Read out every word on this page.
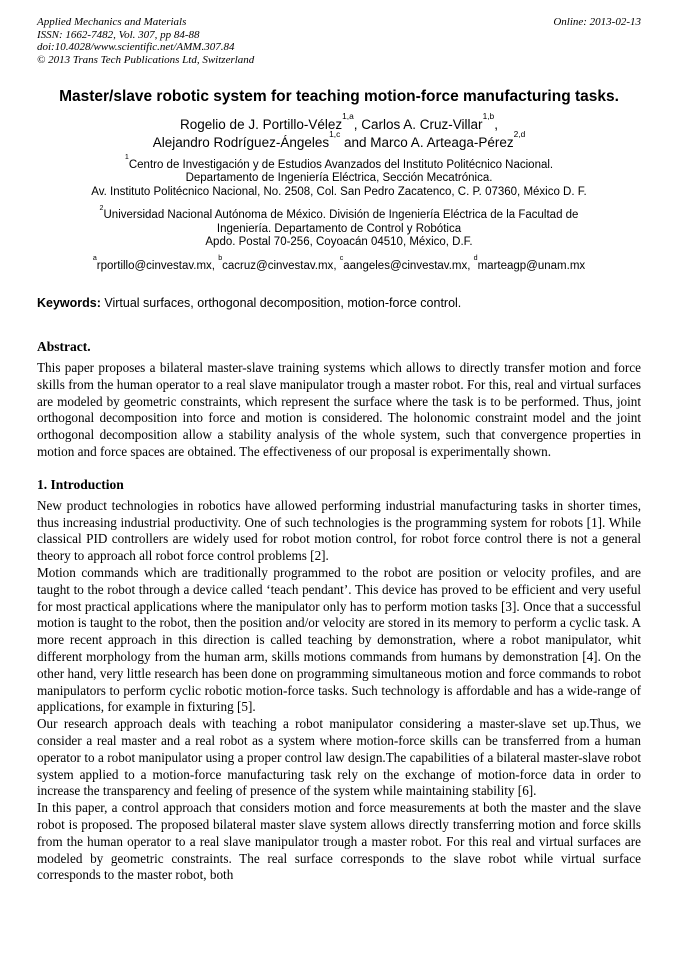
Applied Mechanics and Materials
ISSN: 1662-7482, Vol. 307, pp 84-88
doi:10.4028/www.scientific.net/AMM.307.84
© 2013 Trans Tech Publications Ltd, Switzerland
Online: 2013-02-13
Master/slave robotic system for teaching motion-force manufacturing tasks.
Rogelio de J. Portillo-Vélez$^{1,a}$, Carlos A. Cruz-Villar$^{1,b}$,
Alejandro Rodríguez-Ángeles$^{1,c}$ and Marco A. Arteaga-Pérez$^{2,d}$
$^1$Centro de Investigación y de Estudios Avanzados del Instituto Politécnico Nacional.
Departamento de Ingeniería Eléctrica, Sección Mecatrónica.
Av. Instituto Politécnico Nacional, No. 2508, Col. San Pedro Zacatenco, C. P. 07360, México D. F.
$^2$Universidad Nacional Autónoma de México. División de Ingeniería Eléctrica de la Facultad de
Ingeniería. Departamento de Control y Robótica
Apdo. Postal 70-256, Coyoacán 04510, México, D.F.
$^a$rportillo@cinvestav.mx, $^b$cacruz@cinvestav.mx, $^c$aangeles@cinvestav.mx, $^d$marteagp@unam.mx
Keywords: Virtual surfaces, orthogonal decomposition, motion-force control.
Abstract.
This paper proposes a bilateral master-slave training systems which allows to directly transfer motion and force skills from the human operator to a real slave manipulator trough a master robot. For this, real and virtual surfaces are modeled by geometric constraints, which represent the surface where the task is to be performed. Thus, joint orthogonal decomposition into force and motion is considered. The holonomic constraint model and the joint orthogonal decomposition allow a stability analysis of the whole system, such that convergence properties in motion and force spaces are obtained. The effectiveness of our proposal is experimentally shown.
1. Introduction

New product technologies in robotics have allowed performing industrial manufacturing tasks in shorter times, thus increasing industrial productivity. One of such technologies is the programming system for robots [1]. While classical PID controllers are widely used for robot motion control, for robot force control there is not a general theory to approach all robot force control problems [2].

Motion commands which are traditionally programmed to the robot are position or velocity profiles, and are taught to the robot through a device called ‘teach pendant’. This device has proved to be efficient and very useful for most practical applications where the manipulator only has to perform motion tasks [3]. Once that a successful motion is taught to the robot, then the position and/or velocity are stored in its memory to perform a cyclic task. A more recent approach in this direction is called teaching by demonstration, where a robot manipulator, whit different morphology from the human arm, skills motions commands from humans by demonstration [4]. On the other hand, very little research has been done on programming simultaneous motion and force commands to robot manipulators to perform cyclic robotic motion-force tasks. Such technology is affordable and has a wide-range of applications, for example in fixturing [5].

Our research approach deals with teaching a robot manipulator considering a master-slave set up.Thus, we consider a real master and a real robot as a system where motion-force skills can be transferred from a human operator to a robot manipulator using a proper control law design.The capabilities of a bilateral master-slave robot system applied to a motion-force manufacturing task rely on the exchange of motion-force data in order to increase the transparency and feeling of presence of the system while maintaining stability [6].

In this paper, a control approach that considers motion and force measurements at both the master and the slave robot is proposed. The proposed bilateral master slave system allows directly transferring motion and force skills from the human operator to a real slave manipulator trough a master robot. For this real and virtual surfaces are modeled by geometric constraints. The real surface corresponds to the slave robot while virtual surface corresponds to the master robot, both
